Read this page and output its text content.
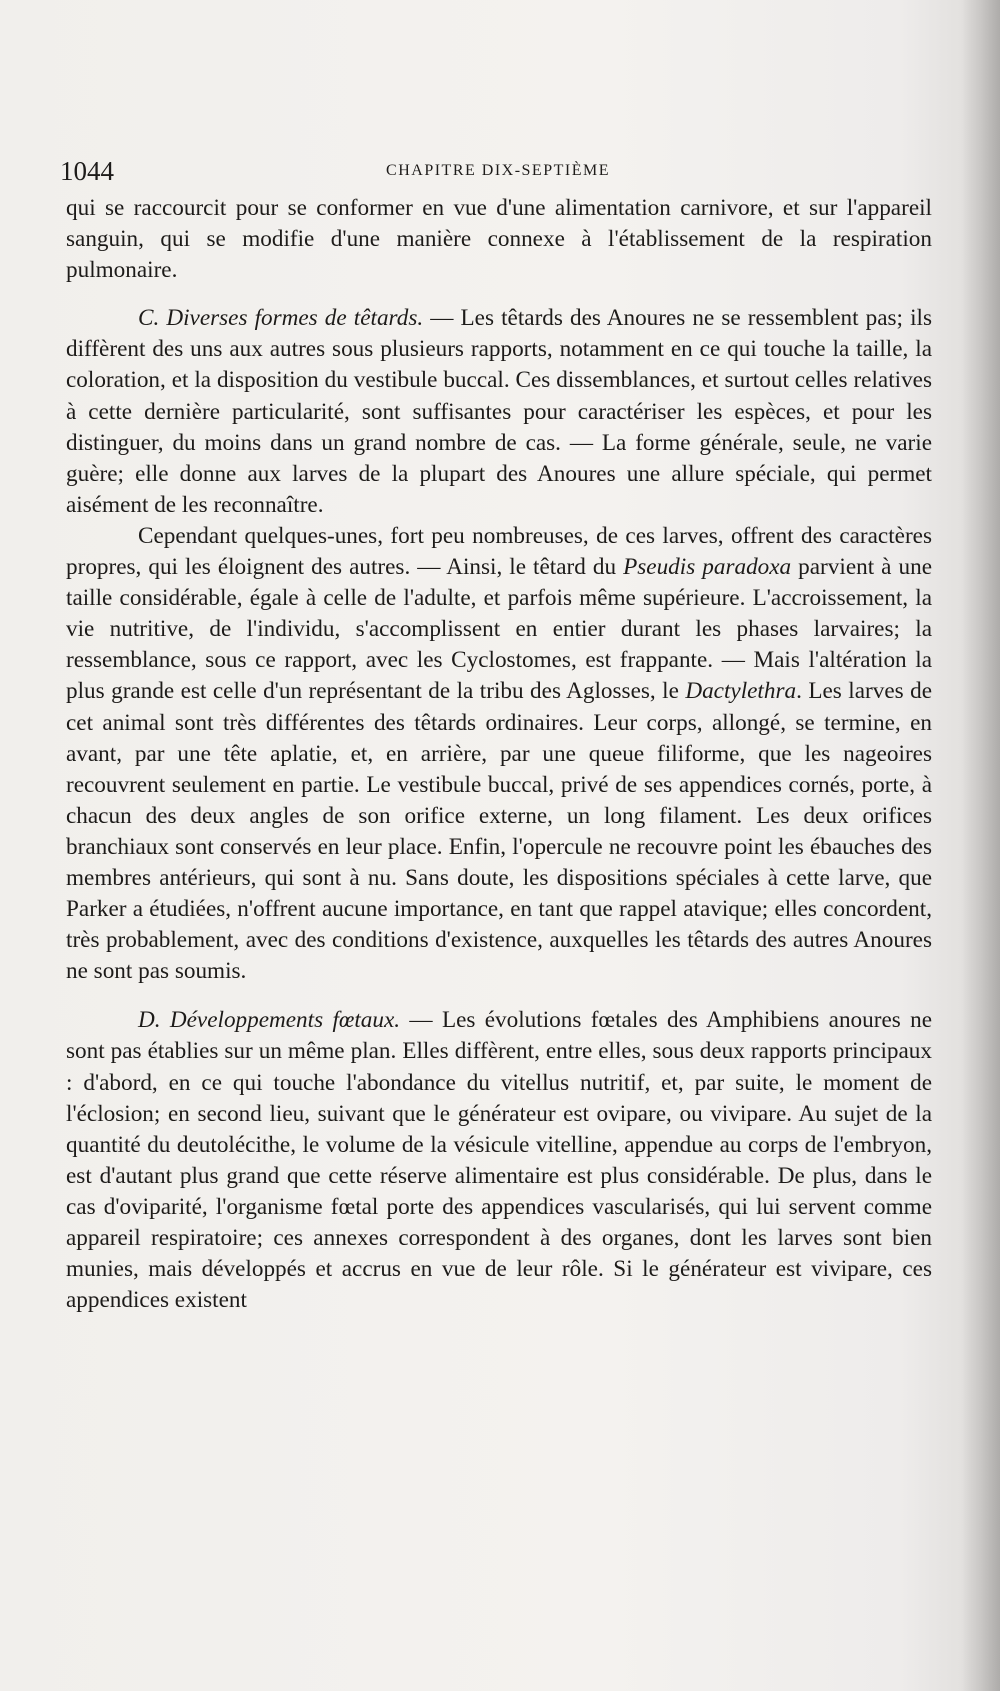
1044	CHAPITRE DIX-SEPTIÈME

qui se raccourcit pour se conformer en vue d'une alimentation carnivore, et sur l'appareil sanguin, qui se modifie d'une manière connexe à l'établissement de la respiration pulmonaire.

C. Diverses formes de têtards. — Les têtards des Anoures ne se ressemblent pas; ils diffèrent des uns aux autres sous plusieurs rapports, notamment en ce qui touche la taille, la coloration, et la disposition du vestibule buccal. Ces dissemblances, et surtout celles relatives à cette dernière particularité, sont suffisantes pour caractériser les espèces, et pour les distinguer, du moins dans un grand nombre de cas. — La forme générale, seule, ne varie guère; elle donne aux larves de la plupart des Anoures une allure spéciale, qui permet aisément de les reconnaître.

Cependant quelques-unes, fort peu nombreuses, de ces larves, offrent des caractères propres, qui les éloignent des autres. — Ainsi, le têtard du Pseudis paradoxa parvient à une taille considérable, égale à celle de l'adulte, et parfois même supérieure. L'accroissement, la vie nutritive, de l'individu, s'accomplissent en entier durant les phases larvaires; la ressemblance, sous ce rapport, avec les Cyclostomes, est frappante. — Mais l'altération la plus grande est celle d'un représentant de la tribu des Aglosses, le Dactylethra. Les larves de cet animal sont très différentes des têtards ordinaires. Leur corps, allongé, se termine, en avant, par une tête aplatie, et, en arrière, par une queue filiforme, que les nageoires recouvrent seulement en partie. Le vestibule buccal, privé de ses appendices cornés, porte, à chacun des deux angles de son orifice externe, un long filament. Les deux orifices branchiaux sont conservés en leur place. Enfin, l'opercule ne recouvre point les ébauches des membres antérieurs, qui sont à nu. Sans doute, les dispositions spéciales à cette larve, que Parker a étudiées, n'offrent aucune importance, en tant que rappel atavique; elles concordent, très probablement, avec des conditions d'existence, auxquelles les têtards des autres Anoures ne sont pas soumis.

D. Développements fœtaux. — Les évolutions fœtales des Amphibiens anoures ne sont pas établies sur un même plan. Elles diffèrent, entre elles, sous deux rapports principaux : d'abord, en ce qui touche l'abondance du vitellus nutritif, et, par suite, le moment de l'éclosion; en second lieu, suivant que le générateur est ovipare, ou vivipare. Au sujet de la quantité du deutolécithe, le volume de la vésicule vitelline, appendue au corps de l'embryon, est d'autant plus grand que cette réserve alimentaire est plus considérable. De plus, dans le cas d'oviparité, l'organisme fœtal porte des appendices vascularisés, qui lui servent comme appareil respiratoire; ces annexes correspondent à des organes, dont les larves sont bien munies, mais développés et accrus en vue de leur rôle. Si le générateur est vivipare, ces appendices existent
